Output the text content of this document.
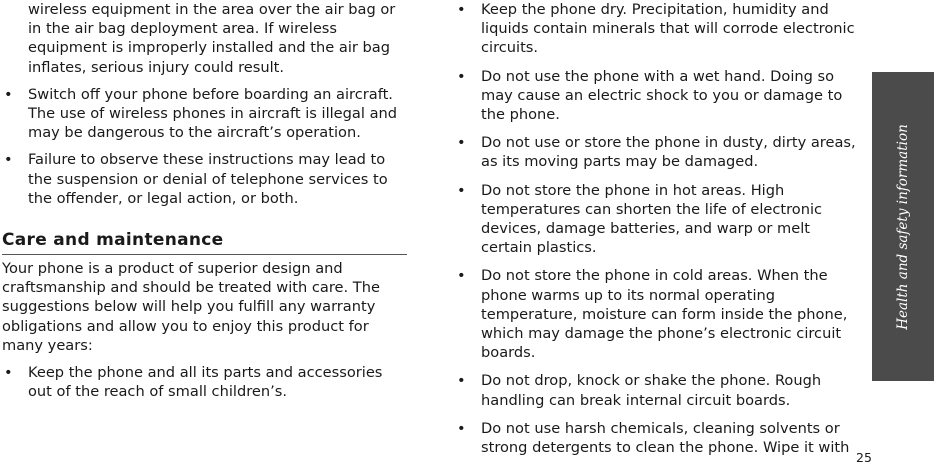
wireless equipment in the area over the air bag or in the air bag deployment area. If wireless equipment is improperly installed and the air bag inflates, serious injury could result.

• Switch off your phone before boarding an aircraft. The use of wireless phones in aircraft is illegal and may be dangerous to the aircraft’s operation.
• Failure to observe these instructions may lead to the suspension or denial of telephone services to the offender, or legal action, or both.
Care and maintenance

Your phone is a product of superior design and craftsmanship and should be treated with care. The suggestions below will help you fulfill any warranty obligations and allow you to enjoy this product for many years:

• Keep the phone and all its parts and accessories out of the reach of small children’s.
• Keep the phone dry. Precipitation, humidity and liquids contain minerals that will corrode electronic circuits.
• Do not use the phone with a wet hand. Doing so may cause an electric shock to you or damage to the phone.
• Do not use or store the phone in dusty, dirty areas, as its moving parts may be damaged.
• Do not store the phone in hot areas. High temperatures can shorten the life of electronic devices, damage batteries, and warp or melt certain plastics.
• Do not store the phone in cold areas. When the phone warms up to its normal operating temperature, moisture can form inside the phone, which may damage the phone’s electronic circuit boards.
• Do not drop, knock or shake the phone. Rough handling can break internal circuit boards.
• Do not use harsh chemicals, cleaning solvents or strong detergents to clean the phone. Wipe it with
Health and safety information
25
